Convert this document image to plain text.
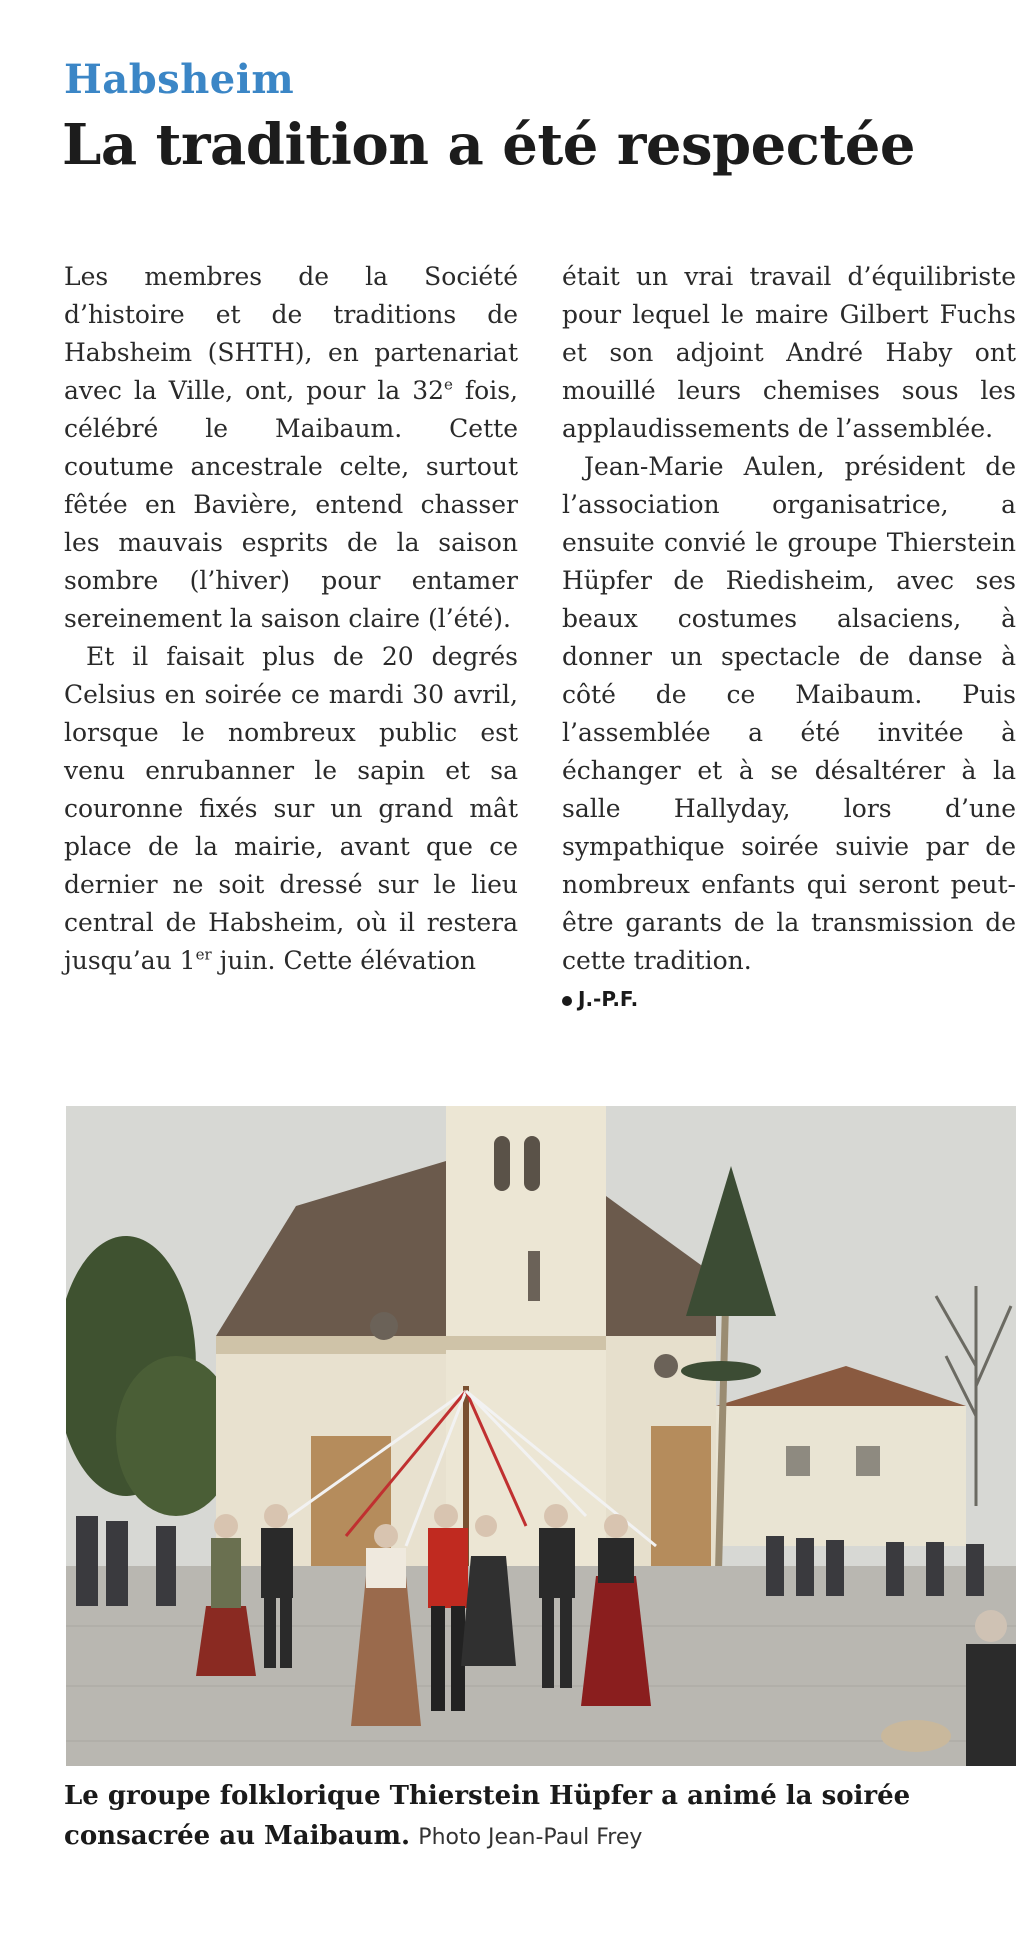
Habsheim
La tradition a été respectée

Les membres de la Société d’histoire et de traditions de Habsheim (SHTH), en partenariat avec la Ville, ont, pour la 32e fois, célébré le Maibaum. Cette coutume ancestrale celte, surtout fêtée en Bavière, entend chasser les mauvais esprits de la saison sombre (l’hiver) pour entamer sereinement la saison claire (l’été).

Et il faisait plus de 20 degrés Celsius en soirée ce mardi 30 avril, lorsque le nombreux public est venu enrubanner le sapin et sa couronne fixés sur un grand mât place de la mairie, avant que ce dernier ne soit dressé sur le lieu central de Habsheim, où il restera jusqu’au 1er juin. Cette élévation

était un vrai travail d’équilibriste pour lequel le maire Gilbert Fuchs et son adjoint André Haby ont mouillé leurs chemises sous les applaudissements de l’assemblée.

Jean-Marie Aulen, président de l’association organisatrice, a ensuite convié le groupe Thierstein Hüpfer de Riedisheim, avec ses beaux costumes alsaciens, à donner un spectacle de danse à côté de ce Maibaum. Puis l’assemblée a été invitée à échanger et à se désaltérer à la salle Hallyday, lors d’une sympathique soirée suivie par de nombreux enfants qui seront peut-être garants de la transmission de cette tradition.

J.-P.F.
Le groupe folklorique Thierstein Hüpfer a animé la soirée consacrée au Maibaum. Photo Jean-Paul Frey
